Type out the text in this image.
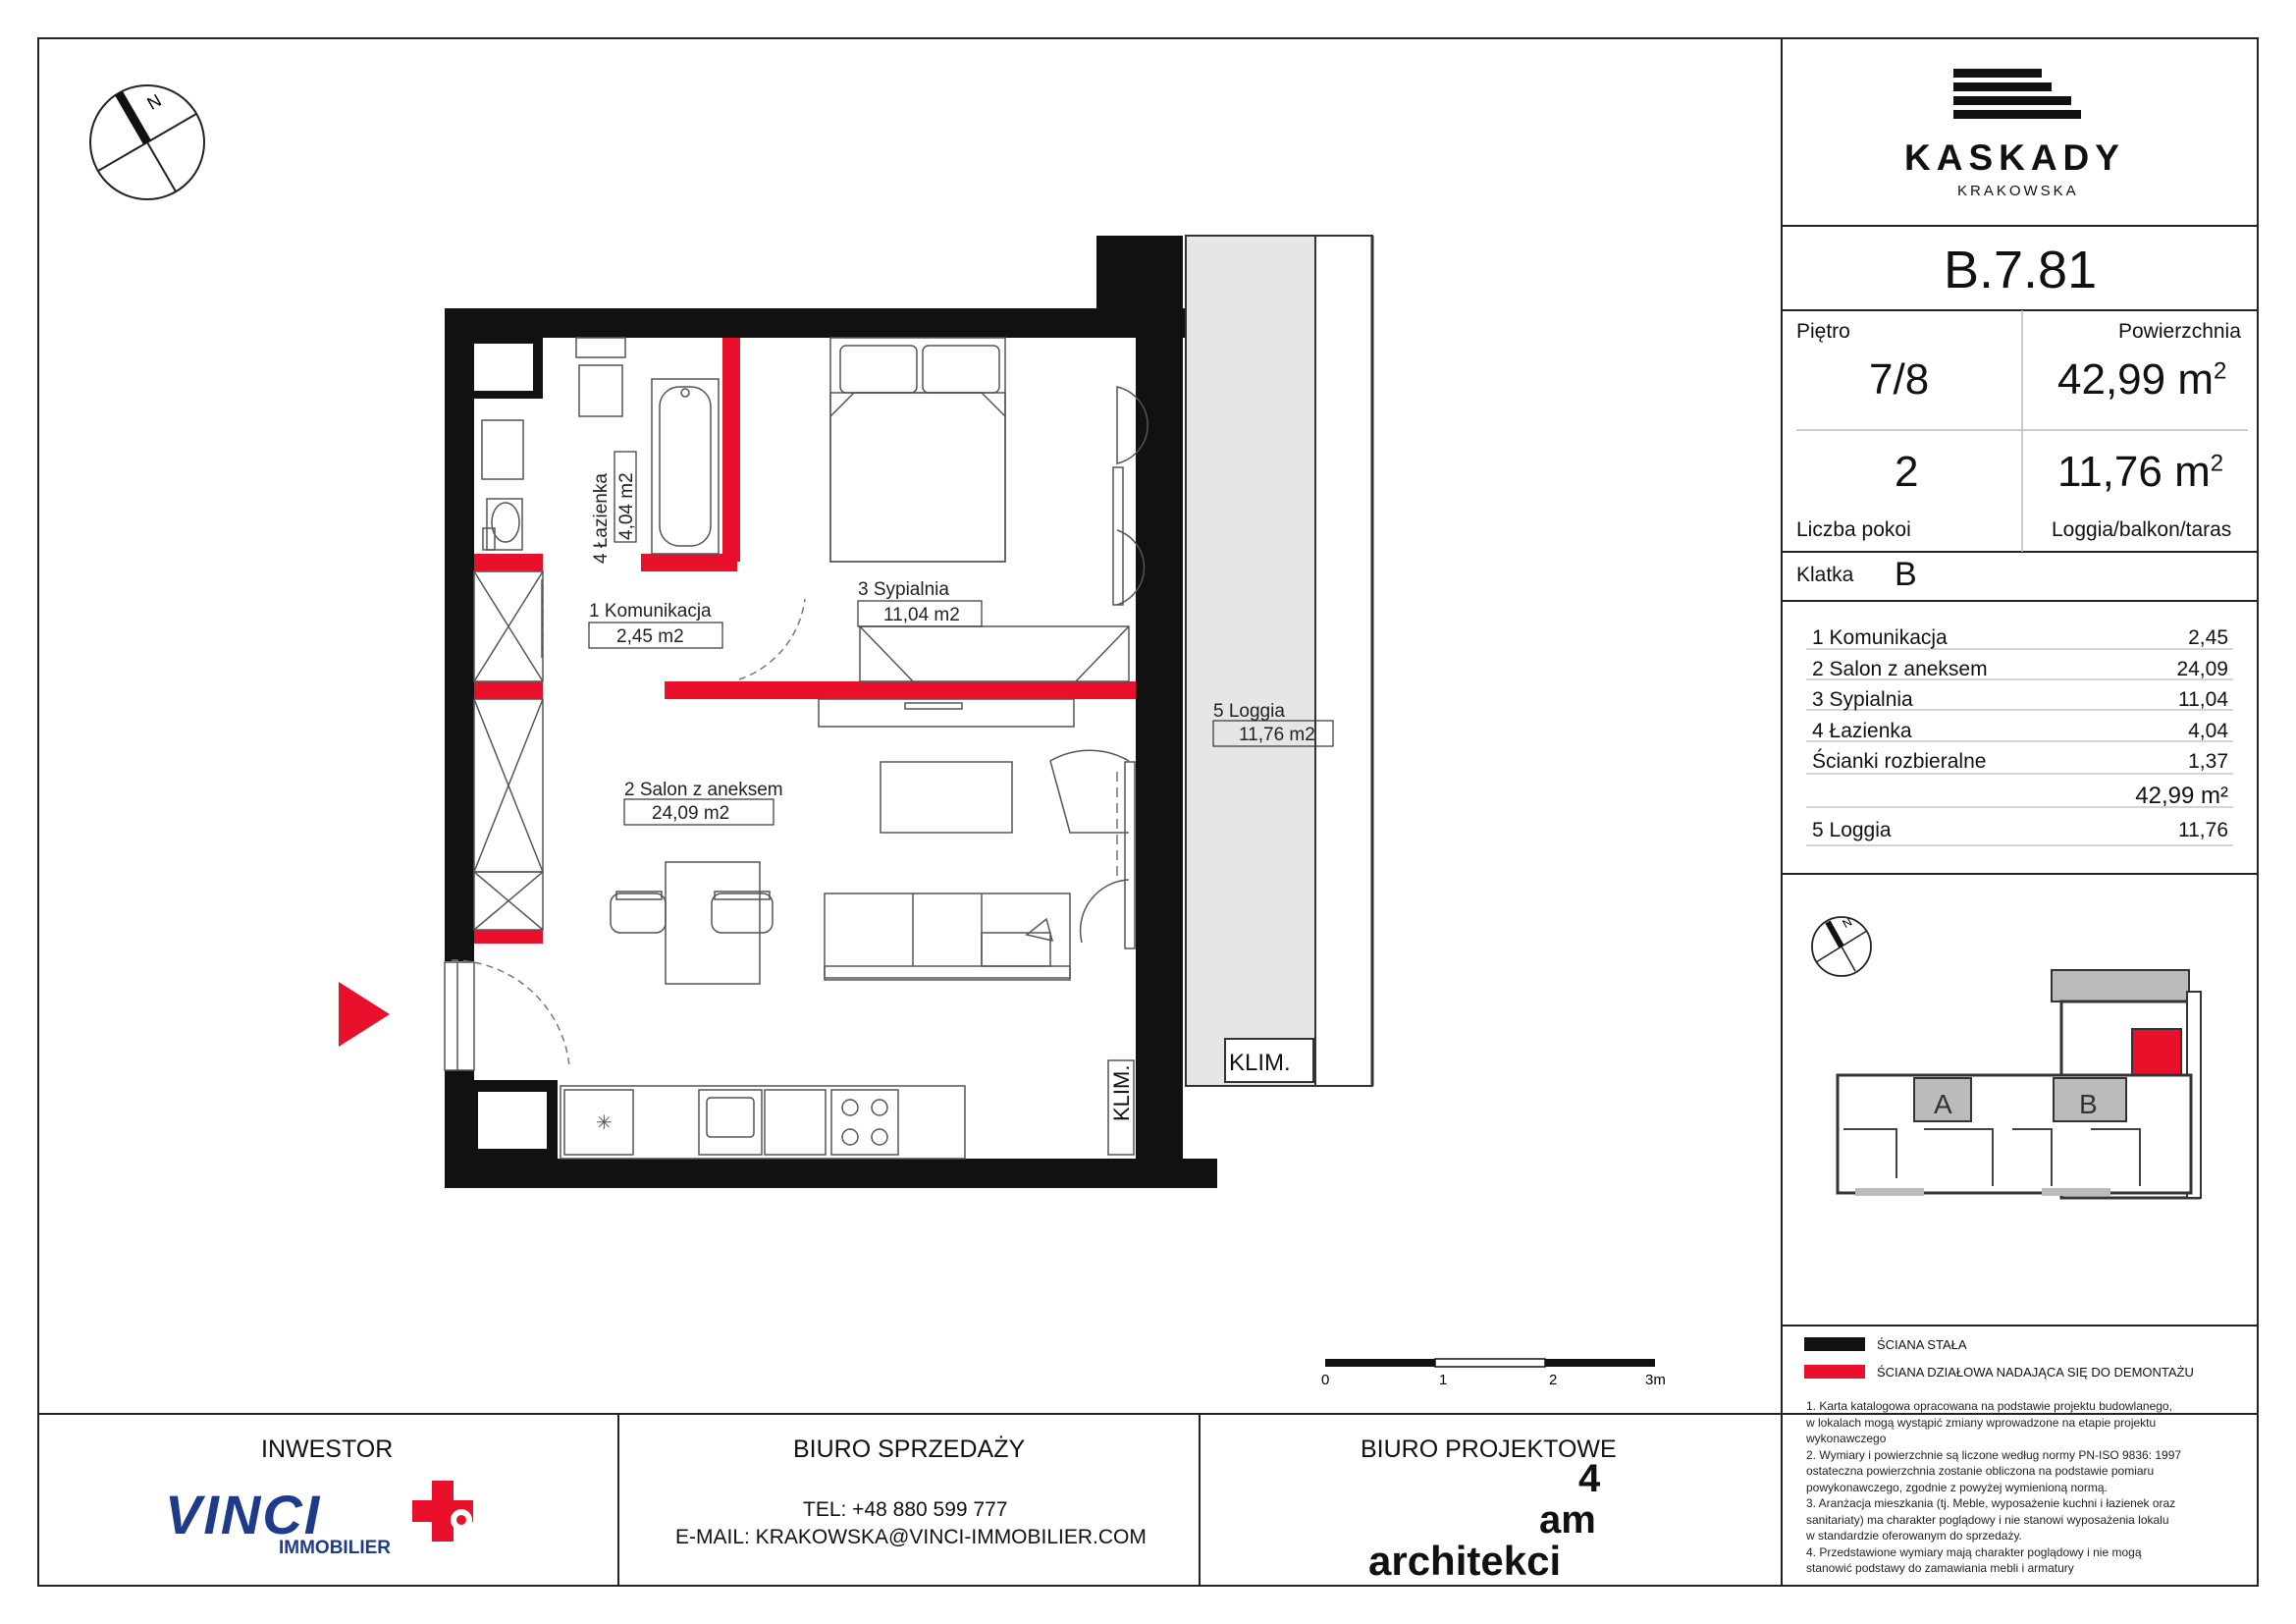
N
✳
KLIM.
KLIM.
1 Komunikacja
2,45 m2
2 Salon z aneksem
24,09 m2
3 Sypialnia
11,04 m2
4 Łazienka 4,04 m2
5 Loggia
11,76 m2
0	1	2	3m
N
A	B
KASKADY
KRAKOWSKA
B.7.81
Piętro
7/8
Powierzchnia
42,99 $m^2$
2	11,76 $m^2$
Liczba pokoi	Loggia/balkon/taras
Klatka B
1 Komunikacja	2,45
2 Salon z aneksem	24,09
3 Sypialnia	11,04
4 Łazienka	4,04
Ścianki rozbieralne	1,37
42,99 m²
5 Loggia	11,76
ŚCIANA STAŁA
ŚCIANA DZIAŁOWA NADAJĄCA SIĘ DO DEMONTAŻU
1. Karta katalogowa opracowana na podstawie projektu budowlanego,
w lokalach mogą wystąpić zmiany wprowadzone na etapie projektu
wykonawczego
2. Wymiary i powierzchnie są liczone według normy PN-ISO 9836: 1997
ostateczna powierzchnia zostanie obliczona na podstawie pomiaru
powykonawczego, zgodnie z powyżej wymienioną normą.
3. Aranżacja mieszkania (tj. Meble, wyposażenie kuchni i łazienek oraz
sanitariaty) ma charakter poglądowy i nie stanowi wyposażenia lokalu
w standardzie oferowanym do sprzedaży.
4. Przedstawione wymiary mają charakter poglądowy i nie mogą
stanowić podstawy do zamawiania mebli i armatury
INWESTOR
VINCI
IMMOBILIER
BIURO SPRZEDAŻY
TEL: +48 880 599 777
E-MAIL: KRAKOWSKA@VINCI-IMMOBILIER.COM
BIURO PROJEKTOWE
4
am
architekci
